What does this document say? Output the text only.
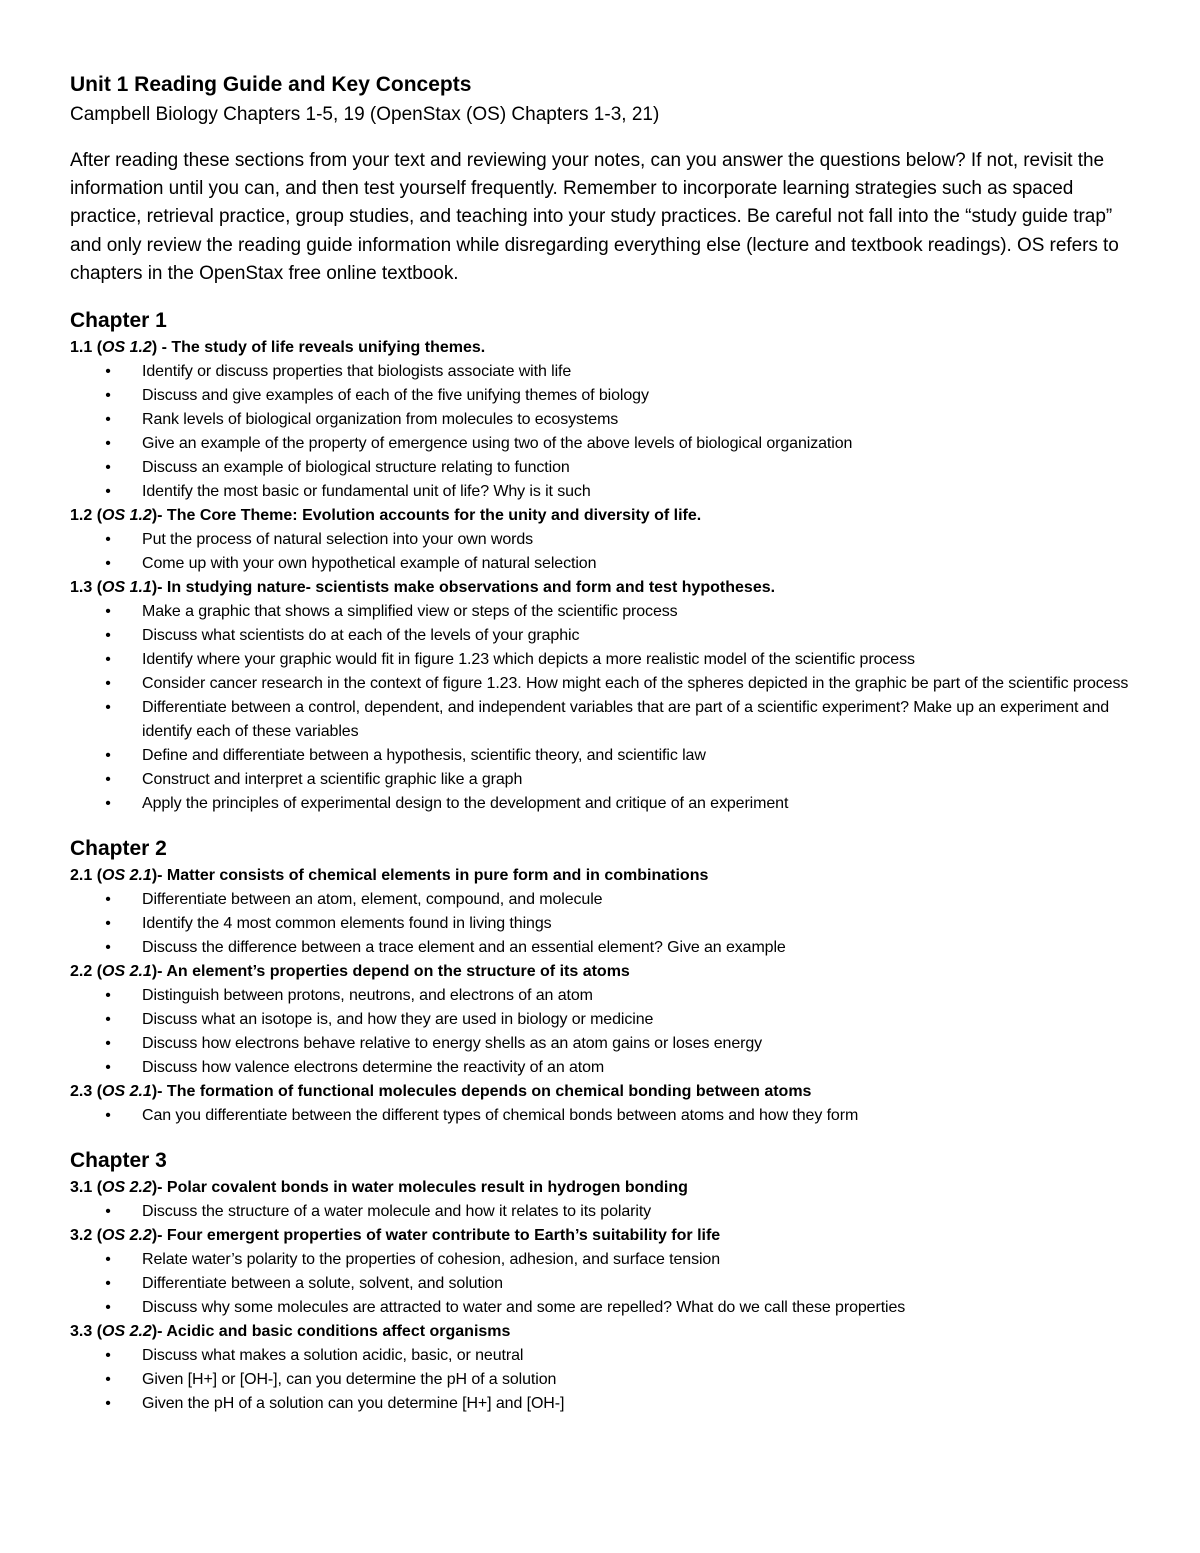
Unit 1 Reading Guide and Key Concepts

Campbell Biology Chapters 1-5, 19 (OpenStax (OS) Chapters 1-3, 21)

After reading these sections from your text and reviewing your notes, can you answer the questions below? If not, revisit the information until you can, and then test yourself frequently. Remember to incorporate learning strategies such as spaced practice, retrieval practice, group studies, and teaching into your study practices. Be careful not fall into the “study guide trap” and only review the reading guide information while disregarding everything else (lecture and textbook readings). OS refers to chapters in the OpenStax free online textbook.

Chapter 1
1.1 (OS 1.2) - The study of life reveals unifying themes.
• Identify or discuss properties that biologists associate with life
• Discuss and give examples of each of the five unifying themes of biology
• Rank levels of biological organization from molecules to ecosystems
• Give an example of the property of emergence using two of the above levels of biological organization
• Discuss an example of biological structure relating to function
• Identify the most basic or fundamental unit of life? Why is it such
1.2 (OS 1.2)- The Core Theme: Evolution accounts for the unity and diversity of life.
• Put the process of natural selection into your own words
• Come up with your own hypothetical example of natural selection
1.3 (OS 1.1)- In studying nature- scientists make observations and form and test hypotheses.
• Make a graphic that shows a simplified view or steps of the scientific process
• Discuss what scientists do at each of the levels of your graphic
• Identify where your graphic would fit in figure 1.23 which depicts a more realistic model of the scientific process
• Consider cancer research in the context of figure 1.23. How might each of the spheres depicted in the graphic be part of the scientific process
• Differentiate between a control, dependent, and independent variables that are part of a scientific experiment? Make up an experiment and identify each of these variables
• Define and differentiate between a hypothesis, scientific theory, and scientific law
• Construct and interpret a scientific graphic like a graph
• Apply the principles of experimental design to the development and critique of an experiment
Chapter 2
2.1 (OS 2.1)- Matter consists of chemical elements in pure form and in combinations
• Differentiate between an atom, element, compound, and molecule
• Identify the 4 most common elements found in living things
• Discuss the difference between a trace element and an essential element? Give an example
2.2 (OS 2.1)- An element’s properties depend on the structure of its atoms
• Distinguish between protons, neutrons, and electrons of an atom
• Discuss what an isotope is, and how they are used in biology or medicine
• Discuss how electrons behave relative to energy shells as an atom gains or loses energy
• Discuss how valence electrons determine the reactivity of an atom
2.3 (OS 2.1)- The formation of functional molecules depends on chemical bonding between atoms
• Can you differentiate between the different types of chemical bonds between atoms and how they form
Chapter 3
3.1 (OS 2.2)- Polar covalent bonds in water molecules result in hydrogen bonding
• Discuss the structure of a water molecule and how it relates to its polarity
3.2 (OS 2.2)- Four emergent properties of water contribute to Earth’s suitability for life
• Relate water’s polarity to the properties of cohesion, adhesion, and surface tension
• Differentiate between a solute, solvent, and solution
• Discuss why some molecules are attracted to water and some are repelled? What do we call these properties
3.3 (OS 2.2)- Acidic and basic conditions affect organisms
• Discuss what makes a solution acidic, basic, or neutral
• Given [H+] or [OH-], can you determine the pH of a solution
• Given the pH of a solution can you determine [H+] and [OH-]
